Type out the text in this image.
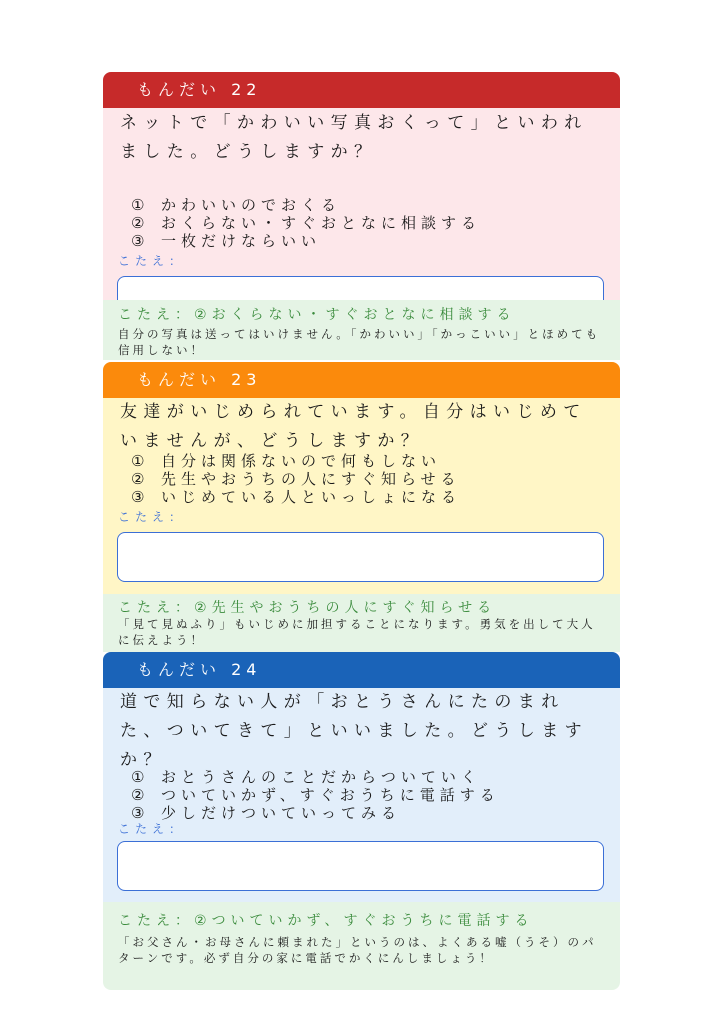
もんだい 22

ネットで「かわいい写真おくって」といわれました。どうしますか？

① かわいいのでおくる
② おくらない・すぐおとなに相談する
③ 一枚だけならいい
こたえ：
こたえ：②おくらない・すぐおとなに相談する

自分の写真は送ってはいけません。「かわいい」「かっこいい」とほめても信用しない！

もんだい 23

友達がいじめられています。自分はいじめていませんが、どうしますか？

① 自分は関係ないので何もしない
② 先生やおうちの人にすぐ知らせる
③ いじめている人といっしょになる
こたえ：
こたえ：②先生やおうちの人にすぐ知らせる

「見て見ぬふり」もいじめに加担することになります。勇気を出して大人に伝えよう！

もんだい 24

道で知らない人が「おとうさんにたのまれた、ついてきて」といいました。どうしますか？

① おとうさんのことだからついていく
② ついていかず、すぐおうちに電話する
③ 少しだけついていってみる
こたえ：
こたえ：②ついていかず、すぐおうちに電話する

「お父さん・お母さんに頼まれた」というのは、よくある嘘（うそ）のパターンです。必ず自分の家に電話でかくにんしましょう！
